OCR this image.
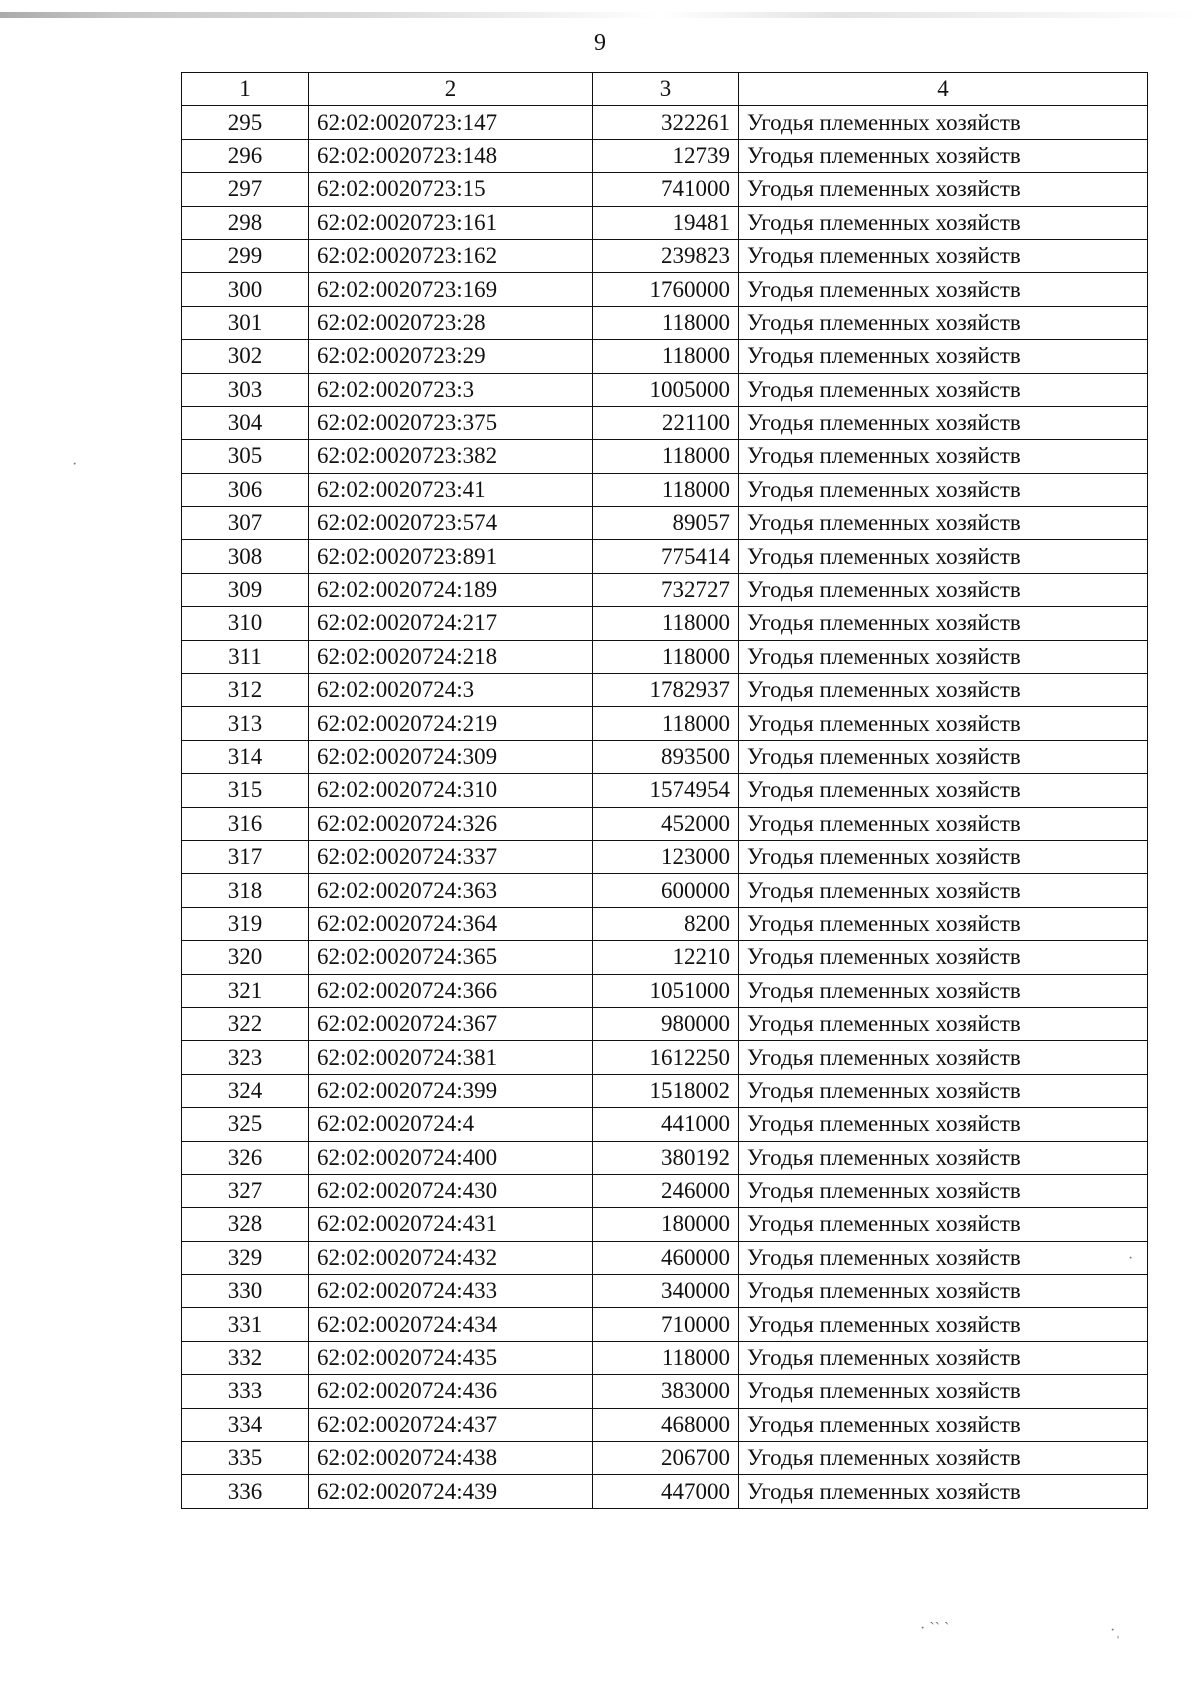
9
1	2	3	4
295	62:02:0020723:147	322261	Угодья племенных хозяйств
296	62:02:0020723:148	12739	Угодья племенных хозяйств
297	62:02:0020723:15	741000	Угодья племенных хозяйств
298	62:02:0020723:161	19481	Угодья племенных хозяйств
299	62:02:0020723:162	239823	Угодья племенных хозяйств
300	62:02:0020723:169	1760000	Угодья племенных хозяйств
301	62:02:0020723:28	118000	Угодья племенных хозяйств
302	62:02:0020723:29	118000	Угодья племенных хозяйств
303	62:02:0020723:3	1005000	Угодья племенных хозяйств
304	62:02:0020723:375	221100	Угодья племенных хозяйств
305	62:02:0020723:382	118000	Угодья племенных хозяйств
306	62:02:0020723:41	118000	Угодья племенных хозяйств
307	62:02:0020723:574	89057	Угодья племенных хозяйств
308	62:02:0020723:891	775414	Угодья племенных хозяйств
309	62:02:0020724:189	732727	Угодья племенных хозяйств
310	62:02:0020724:217	118000	Угодья племенных хозяйств
311	62:02:0020724:218	118000	Угодья племенных хозяйств
312	62:02:0020724:3	1782937	Угодья племенных хозяйств
313	62:02:0020724:219	118000	Угодья племенных хозяйств
314	62:02:0020724:309	893500	Угодья племенных хозяйств
315	62:02:0020724:310	1574954	Угодья племенных хозяйств
316	62:02:0020724:326	452000	Угодья племенных хозяйств
317	62:02:0020724:337	123000	Угодья племенных хозяйств
318	62:02:0020724:363	600000	Угодья племенных хозяйств
319	62:02:0020724:364	8200	Угодья племенных хозяйств
320	62:02:0020724:365	12210	Угодья племенных хозяйств
321	62:02:0020724:366	1051000	Угодья племенных хозяйств
322	62:02:0020724:367	980000	Угодья племенных хозяйств
323	62:02:0020724:381	1612250	Угодья племенных хозяйств
324	62:02:0020724:399	1518002	Угодья племенных хозяйств
325	62:02:0020724:4	441000	Угодья племенных хозяйств
326	62:02:0020724:400	380192	Угодья племенных хозяйств
327	62:02:0020724:430	246000	Угодья племенных хозяйств
328	62:02:0020724:431	180000	Угодья племенных хозяйств
329	62:02:0020724:432	460000	Угодья племенных хозяйств
330	62:02:0020724:433	340000	Угодья племенных хозяйств
331	62:02:0020724:434	710000	Угодья племенных хозяйств
332	62:02:0020724:435	118000	Угодья племенных хозяйств
333	62:02:0020724:436	383000	Угодья племенных хозяйств
334	62:02:0020724:437	468000	Угодья племенных хозяйств
335	62:02:0020724:438	206700	Угодья племенных хозяйств
336	62:02:0020724:439	447000	Угодья племенных хозяйств
·
·
· ˋˋ ˋ	·ˌ
